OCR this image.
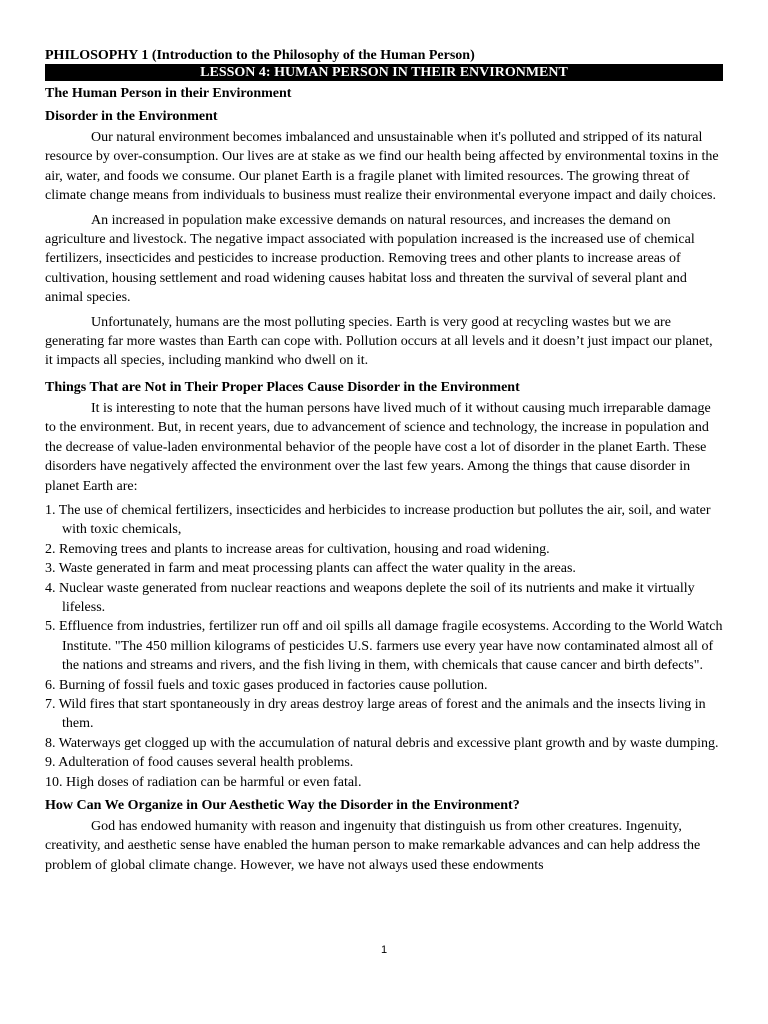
PHILOSOPHY 1 (Introduction to the Philosophy of the Human Person)
LESSON 4: HUMAN PERSON IN THEIR ENVIRONMENT
The Human Person in their Environment
Disorder in the Environment

Our natural environment becomes imbalanced and unsustainable when it's polluted and stripped of its natural resource by over-consumption. Our lives are at stake as we find our health being affected by environmental toxins in the air, water, and foods we consume. Our planet Earth is a fragile planet with limited resources. The growing threat of climate change means from individuals to business must realize their environmental everyone impact and daily choices.

An increased in population make excessive demands on natural resources, and increases the demand on agriculture and livestock. The negative impact associated with population increased is the increased use of chemical fertilizers, insecticides and pesticides to increase production. Removing trees and other plants to increase areas of cultivation, housing settlement and road widening causes habitat loss and threaten the survival of several plant and animal species.

Unfortunately, humans are the most polluting species. Earth is very good at recycling wastes but we are generating far more wastes than Earth can cope with. Pollution occurs at all levels and it doesn’t just impact our planet, it impacts all species, including mankind who dwell on it.

Things That are Not in Their Proper Places Cause Disorder in the Environment

It is interesting to note that the human persons have lived much of it without causing much irreparable damage to the environment. But, in recent years, due to advancement of science and technology, the increase in population and the decrease of value-laden environmental behavior of the people have cost a lot of disorder in the planet Earth. These disorders have negatively affected the environment over the last few years. Among the things that cause disorder in planet Earth are:

1. The use of chemical fertilizers, insecticides and herbicides to increase production but pollutes the air, soil, and water with toxic chemicals,
2. Removing trees and plants to increase areas for cultivation, housing and road widening.
3. Waste generated in farm and meat processing plants can affect the water quality in the areas.
4. Nuclear waste generated from nuclear reactions and weapons deplete the soil of its nutrients and make it virtually lifeless.
5. Effluence from industries, fertilizer run off and oil spills all damage fragile ecosystems. According to the World Watch Institute. "The 450 million kilograms of pesticides U.S. farmers use every year have now contaminated almost all of the nations and streams and rivers, and the fish living in them, with chemicals that cause cancer and birth defects".
6. Burning of fossil fuels and toxic gases produced in factories cause pollution.
7. Wild fires that start spontaneously in dry areas destroy large areas of forest and the animals and the insects living in them.
8. Waterways get clogged up with the accumulation of natural debris and excessive plant growth and by waste dumping.
9. Adulteration of food causes several health problems.
10. High doses of radiation can be harmful or even fatal.
How Can We Organize in Our Aesthetic Way the Disorder in the Environment?

God has endowed humanity with reason and ingenuity that distinguish us from other creatures. Ingenuity, creativity, and aesthetic sense have enabled the human person to make remarkable advances and can help address the problem of global climate change. However, we have not always used these endowments

1
